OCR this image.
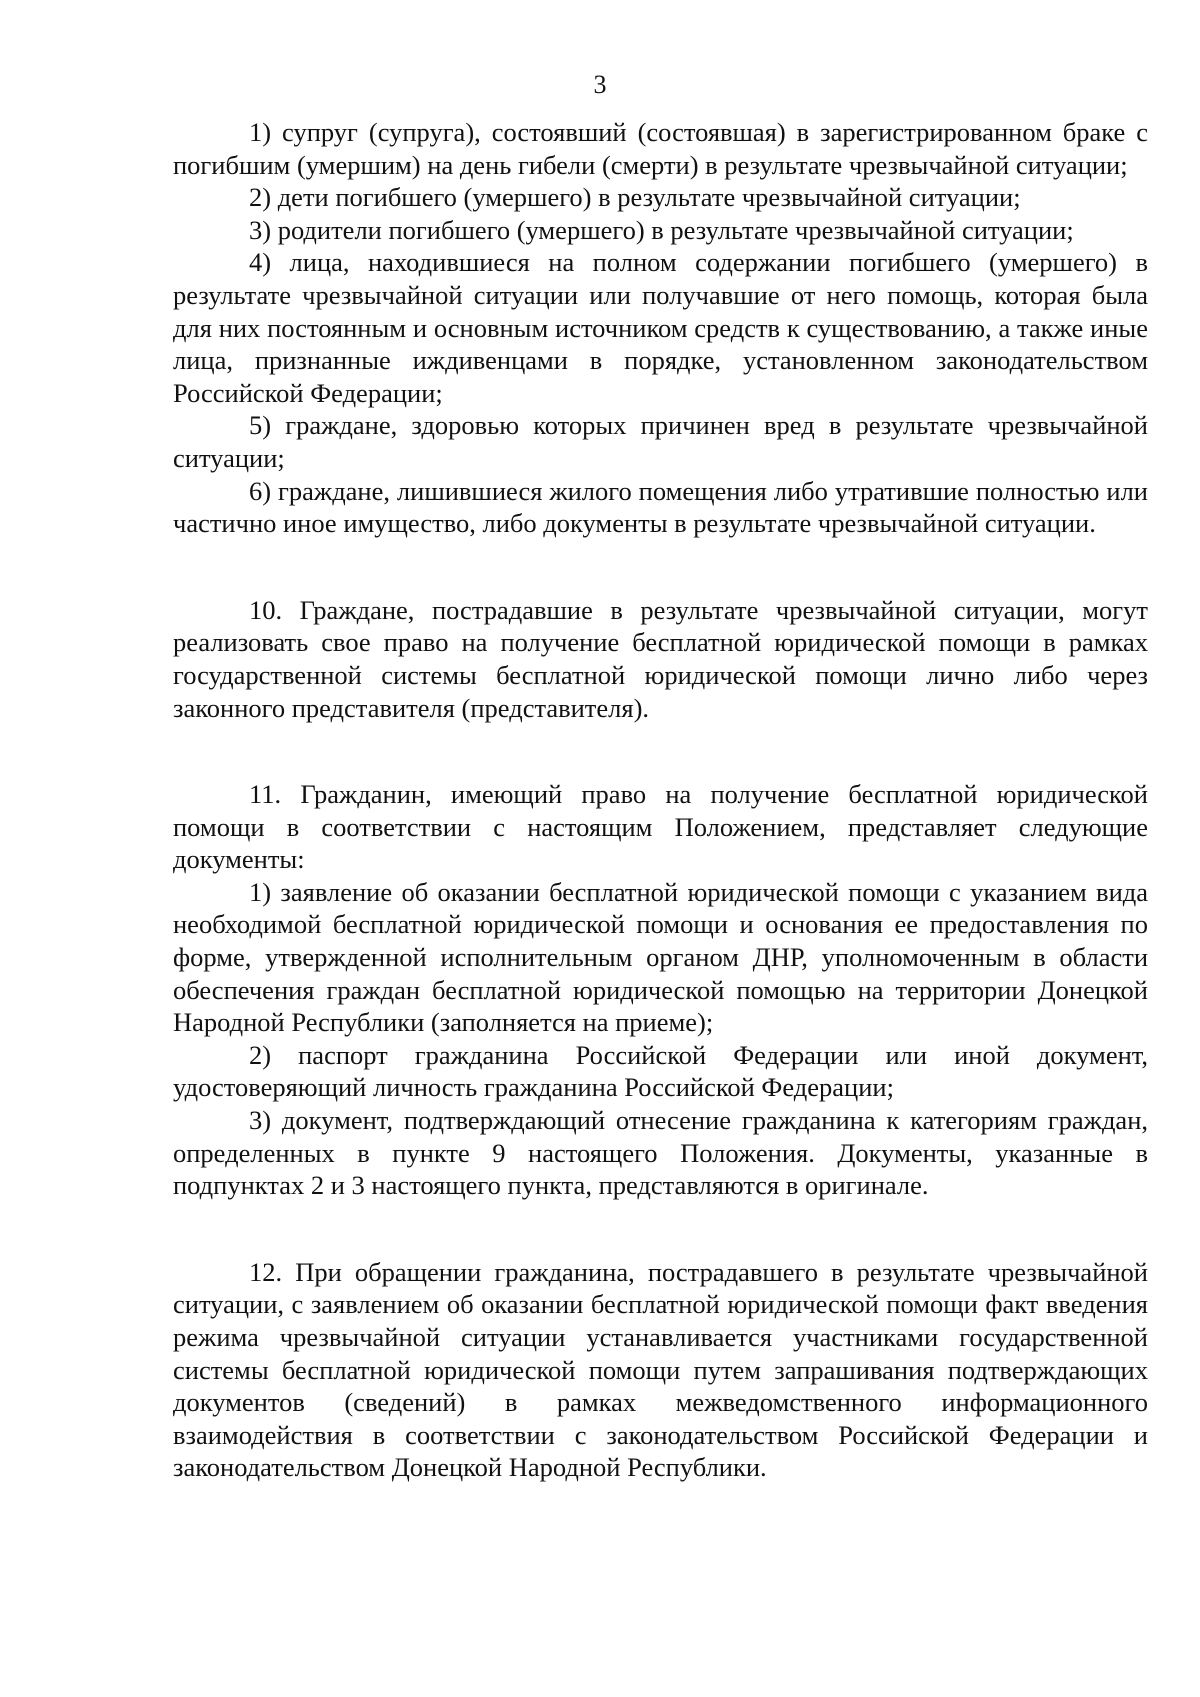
3

1) супруг (супруга), состоявший (состоявшая) в зарегистрированном браке с погибшим (умершим) на день гибели (смерти) в результате чрезвычайной ситуации;

2) дети погибшего (умершего) в результате чрезвычайной ситуации;

3) родители погибшего (умершего) в результате чрезвычайной ситуации;

4) лица, находившиеся на полном содержании погибшего (умершего) в результате чрезвычайной ситуации или получавшие от него помощь, которая была для них постоянным и основным источником средств к существованию, а также иные лица, признанные иждивенцами в порядке, установленном законодательством Российской Федерации;

5) граждане, здоровью которых причинен вред в результате чрезвычайной ситуации;

6) граждане, лишившиеся жилого помещения либо утратившие полностью или частично иное имущество, либо документы в результате чрезвычайной ситуации.

10. Граждане, пострадавшие в результате чрезвычайной ситуации, могут реализовать свое право на получение бесплатной юридической помощи в рамках государственной системы бесплатной юридической помощи лично либо через законного представителя (представителя).

11. Гражданин, имеющий право на получение бесплатной юридической помощи в соответствии с настоящим Положением, представляет следующие документы:

1) заявление об оказании бесплатной юридической помощи с указанием вида необходимой бесплатной юридической помощи и основания ее предоставления по форме, утвержденной исполнительным органом ДНР, уполномоченным в области обеспечения граждан бесплатной юридической помощью на территории Донецкой Народной Республики (заполняется на приеме);

2) паспорт гражданина Российской Федерации или иной документ, удостоверяющий личность гражданина Российской Федерации;

3) документ, подтверждающий отнесение гражданина к категориям граждан, определенных в пункте 9 настоящего Положения. Документы, указанные в подпунктах 2 и 3 настоящего пункта, представляются в оригинале.

12. При обращении гражданина, пострадавшего в результате чрезвычайной ситуации, с заявлением об оказании бесплатной юридической помощи факт введения режима чрезвычайной ситуации устанавливается участниками государственной системы бесплатной юридической помощи путем запрашивания подтверждающих документов (сведений) в рамках межведомственного информационного взаимодействия в соответствии с законодательством Российской Федерации и законодательством Донецкой Народной Республики.
